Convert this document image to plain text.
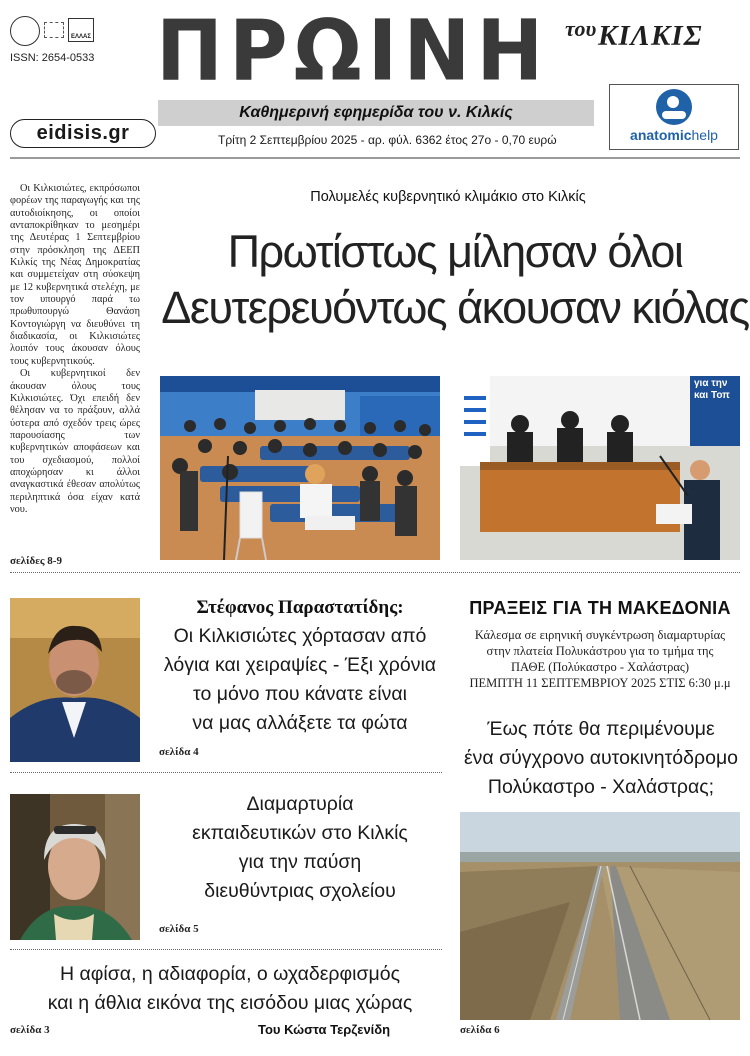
ΕΛΛΑΣ
ISSN: 2654-0533
eidisis.gr
ΠΡΩΙΝΗ του ΚΙΛΚΙΣ
Καθημερινή εφημερίδα του ν. Κιλκίς
Τρίτη 2 Σεπτεμβρίου 2025 - αρ. φύλ. 6362 έτος 27ο - 0,70 ευρώ	anatomichelp

Οι Κιλκισιώτες, εκπρόσωποι φορέων της παραγωγής και της αυτοδιοίκησης, οι οποίοι ανταποκρίθηκαν το μεσημέρι της Δευτέρας 1 Σεπτεμβρίου στην πρόσκληση της ΔΕΕΠ Κιλκίς της Νέας Δημοκρατίας και συμμετείχαν στη σύσκεψη με 12 κυβερνητικά στελέχη, με τον υπουργό παρά τω πρωθυπουργώ Θανάση Κοντογιώργη να διευθύνει τη διαδικασία, οι Κιλκισιώτες λοιπόν τους άκουσαν όλους τους κυβερνητικούς.

Οι κυβερνητικοί δεν άκουσαν όλους τους Κιλκισιώτες. Όχι επειδή δεν θέλησαν να το πράξουν, αλλά ύστερα από σχεδόν τρεις ώρες παρουσίασης των κυβερνητικών αποφάσεων και του σχεδιασμού, πολλοί αποχώρησαν κι άλλοι αναγκαστικά έθεσαν απολύτως περιληπτικά όσα είχαν κατά νου.

σελίδες 8-9
Πολυμελές κυβερνητικό κλιμάκιο στο Κιλκίς
Πρωτίστως μίλησαν όλοι
Δευτερευόντως άκουσαν κιόλας
για την
και Τοπ
Στέφανος Παραστατίδης:
Οι Κιλκισιώτες χόρτασαν από
λόγια και χειραψίες - Έξι χρόνια
το μόνο που κάνατε είναι
να μας αλλάξετε τα φώτα
σελίδα 4
ΠΡΑΞΕΙΣ ΓΙΑ ΤΗ ΜΑΚΕΔΟΝΙΑ
Κάλεσμα σε ειρηνική συγκέντρωση διαμαρτυρίας
στην πλατεία Πολυκάστρου για το τμήμα της
ΠΑΘΕ (Πολύκαστρο - Χαλάστρας)
ΠΕΜΠΤΗ 11 ΣΕΠΤΕΜΒΡΙΟΥ 2025 ΣΤΙΣ 6:30 μ.μ
Έως πότε θα περιμένουμε
ένα σύγχρονο αυτοκινητόδρομο
Πολύκαστρο - Χαλάστρας;
σελίδα 6
Διαμαρτυρία
εκπαιδευτικών στο Κιλκίς
για την παύση
διευθύντριας σχολείου
σελίδα 5
Η αφίσα, η αδιαφορία, ο ωχαδερφισμός
και η άθλια εικόνα της εισόδου μιας χώρας
σελίδα 3	Του Κώστα Τερζενίδη
